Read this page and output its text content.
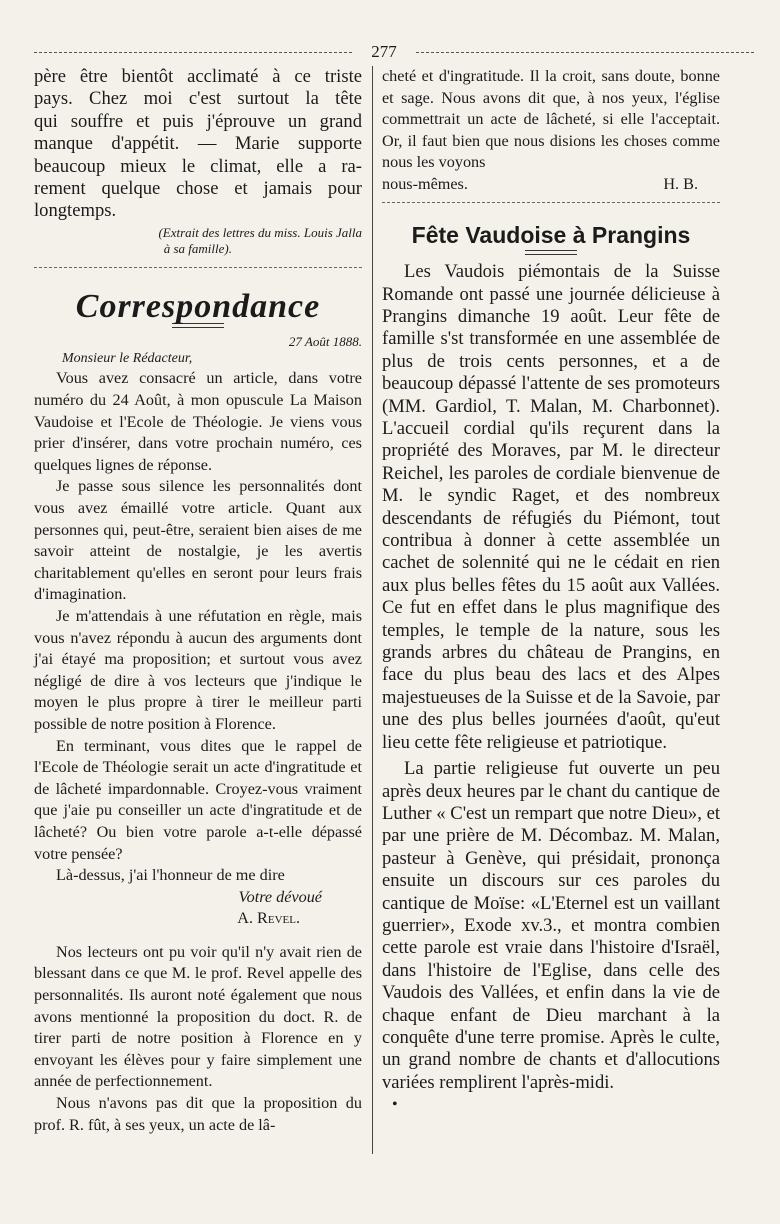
277

père être bientôt acclimaté à ce triste

pays. Chez moi c'est surtout la tête

qui souffre et puis j'éprouve un grand

manque d'appétit. — Marie supporte

beaucoup mieux le climat, elle a ra-

rement quelque chose et jamais pour

longtemps.

(Extrait des lettres du miss. Louis Jalla
à sa famille).
Correspondance
27 Août 1888.
Monsieur le Rédacteur,

Vous avez consacré un article, dans votre numéro du 24 Août, à mon opuscule La Maison Vaudoise et l'Ecole de Théologie. Je viens vous prier d'insérer, dans votre prochain numéro, ces quelques lignes de réponse.

Je passe sous silence les personnalités dont vous avez émaillé votre article. Quant aux personnes qui, peut-être, seraient bien aises de me savoir atteint de nostalgie, je les avertis charitablement qu'elles en seront pour leurs frais d'imagination.

Je m'attendais à une réfutation en règle, mais vous n'avez répondu à aucun des arguments dont j'ai étayé ma proposition; et surtout vous avez négligé de dire à vos lecteurs que j'indique le moyen le plus propre à tirer le meilleur parti possible de notre position à Florence.

En terminant, vous dites que le rappel de l'Ecole de Théologie serait un acte d'ingratitude et de lâcheté impardonnable. Croyez-vous vraiment que j'aie pu conseiller un acte d'ingratitude et de lâcheté? Ou bien votre parole a-t-elle dépassé votre pensée?

Là-dessus, j'ai l'honneur de me dire

Votre dévoué

A. Revel.

Nos lecteurs ont pu voir qu'il n'y avait rien de blessant dans ce que M. le prof. Revel appelle des personnalités. Ils auront noté également que nous avons mentionné la proposition du doct. R. de tirer parti de notre position à Florence en y envoyant les élèves pour y faire simplement une année de perfectionnement.

Nous n'avons pas dit que la proposition du prof. R. fût, à ses yeux, un acte de lâ-

cheté et d'ingratitude. Il la croit, sans doute, bonne et sage. Nous avons dit que, à nos yeux, l'église commettrait un acte de lâcheté, si elle l'acceptait. Or, il faut bien que nous disions les choses comme nous les voyons

nous-mêmes.	H. B.
Fête Vaudoise à Prangins

Les Vaudois piémontais de la Suisse Romande ont passé une journée délicieuse à Prangins dimanche 19 août. Leur fête de famille s'st transformée en une assemblée de plus de trois cents personnes, et a de beaucoup dépassé l'attente de ses promoteurs (MM. Gardiol, T. Malan, M. Charbonnet). L'accueil cordial qu'ils reçurent dans la propriété des Moraves, par M. le directeur Reichel, les paroles de cordiale bienvenue de M. le syndic Raget, et des nombreux descendants de réfugiés du Piémont, tout contribua à donner à cette assemblée un cachet de solennité qui ne le cédait en rien aux plus belles fêtes du 15 août aux Vallées. Ce fut en effet dans le plus magnifique des temples, le temple de la nature, sous les grands arbres du château de Prangins, en face du plus beau des lacs et des Alpes majestueuses de la Suisse et de la Savoie, par une des plus belles journées d'août, qu'eut lieu cette fête religieuse et patriotique.

La partie religieuse fut ouverte un peu après deux heures par le chant du cantique de Luther « C'est un rempart que notre Dieu», et par une prière de M. Décombaz. M. Malan, pasteur à Genève, qui présidait, prononça ensuite un discours sur ces paroles du cantique de Moïse: «L'Eternel est un vaillant guerrier», Exode xv.3., et montra combien cette parole est vraie dans l'histoire d'Israël, dans l'histoire de l'Eglise, dans celle des Vaudois des Vallées, et enfin dans la vie de chaque enfant de Dieu marchant à la conquête d'une terre promise. Après le culte, un grand nombre de chants et d'allocutions variées remplirent l'après-midi.

•
